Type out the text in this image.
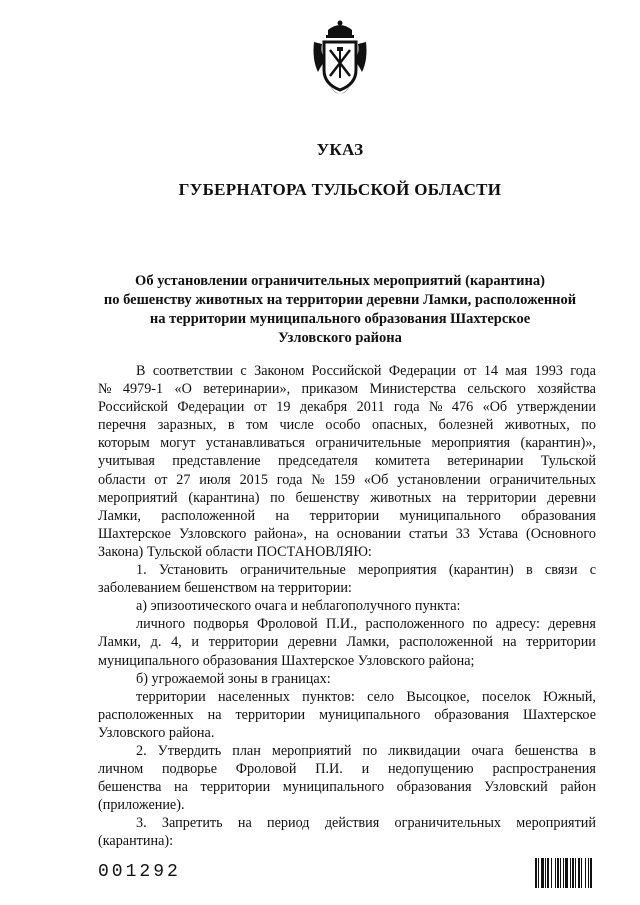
УКАЗ
ГУБЕРНАТОРА ТУЛЬСКОЙ ОБЛАСТИ
Об установлении ограничительных мероприятий (карантина)
по бешенству животных на территории деревни Ламки, расположенной
на территории муниципального образования Шахтерское
Узловского района
В соответствии с Законом Российской Федерации от 14 мая 1993 года
№ 4979-1 «О ветеринарии», приказом Министерства сельского хозяйства
Российской Федерации от 19 декабря 2011 года № 476 «Об утверждении
перечня заразных, в том числе особо опасных, болезней животных, по
которым могут устанавливаться ограничительные мероприятия (карантин)»,
учитывая представление председателя комитета ветеринарии Тульской
области от 27 июля 2015 года № 159 «Об установлении ограничительных
мероприятий (карантина) по бешенству животных на территории деревни
Ламки, расположенной на территории муниципального образования
Шахтерское Узловского района», на основании статьи 33 Устава (Основного
Закона) Тульской области ПОСТАНОВЛЯЮ:
1. Установить ограничительные мероприятия (карантин) в связи с
заболеванием бешенством на территории:
а) эпизоотического очага и неблагополучного пункта:
личного подворья Фроловой П.И., расположенного по адресу: деревня
Ламки, д. 4, и территории деревни Ламки, расположенной на территории
муниципального образования Шахтерское Узловского района;
б) угрожаемой зоны в границах:
территории населенных пунктов: село Высоцкое, поселок Южный,
расположенных на территории муниципального образования Шахтерское
Узловского района.
2. Утвердить план мероприятий по ликвидации очага бешенства в
личном подворье Фроловой П.И. и недопущению распространения
бешенства на территории муниципального образования Узловский район
(приложение).
3. Запретить на период действия ограничительных мероприятий
(карантина):
001292
